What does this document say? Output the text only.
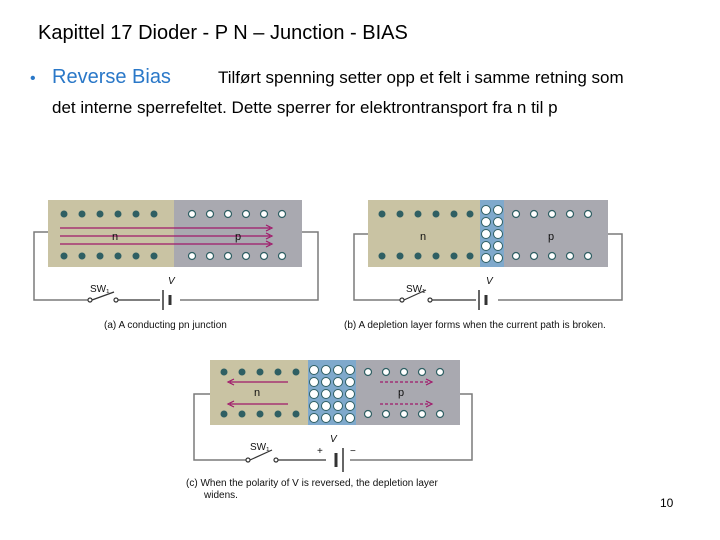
Kapittel 17 Dioder - P N – Junction - BIAS
• Reverse Bias	Tilført spenning setter opp et felt i samme retning som
det interne sperrefeltet. Dette sperrer for elektrontransport fra n til p
n	p
SW₁
V
(a) A conducting pn junction
n	p
SW₁
V
(b) A depletion layer forms when the current path is broken.
n	p
SW₁	+	−
V
(c) When the polarity of V is reversed, the depletion layer
widens.
10
